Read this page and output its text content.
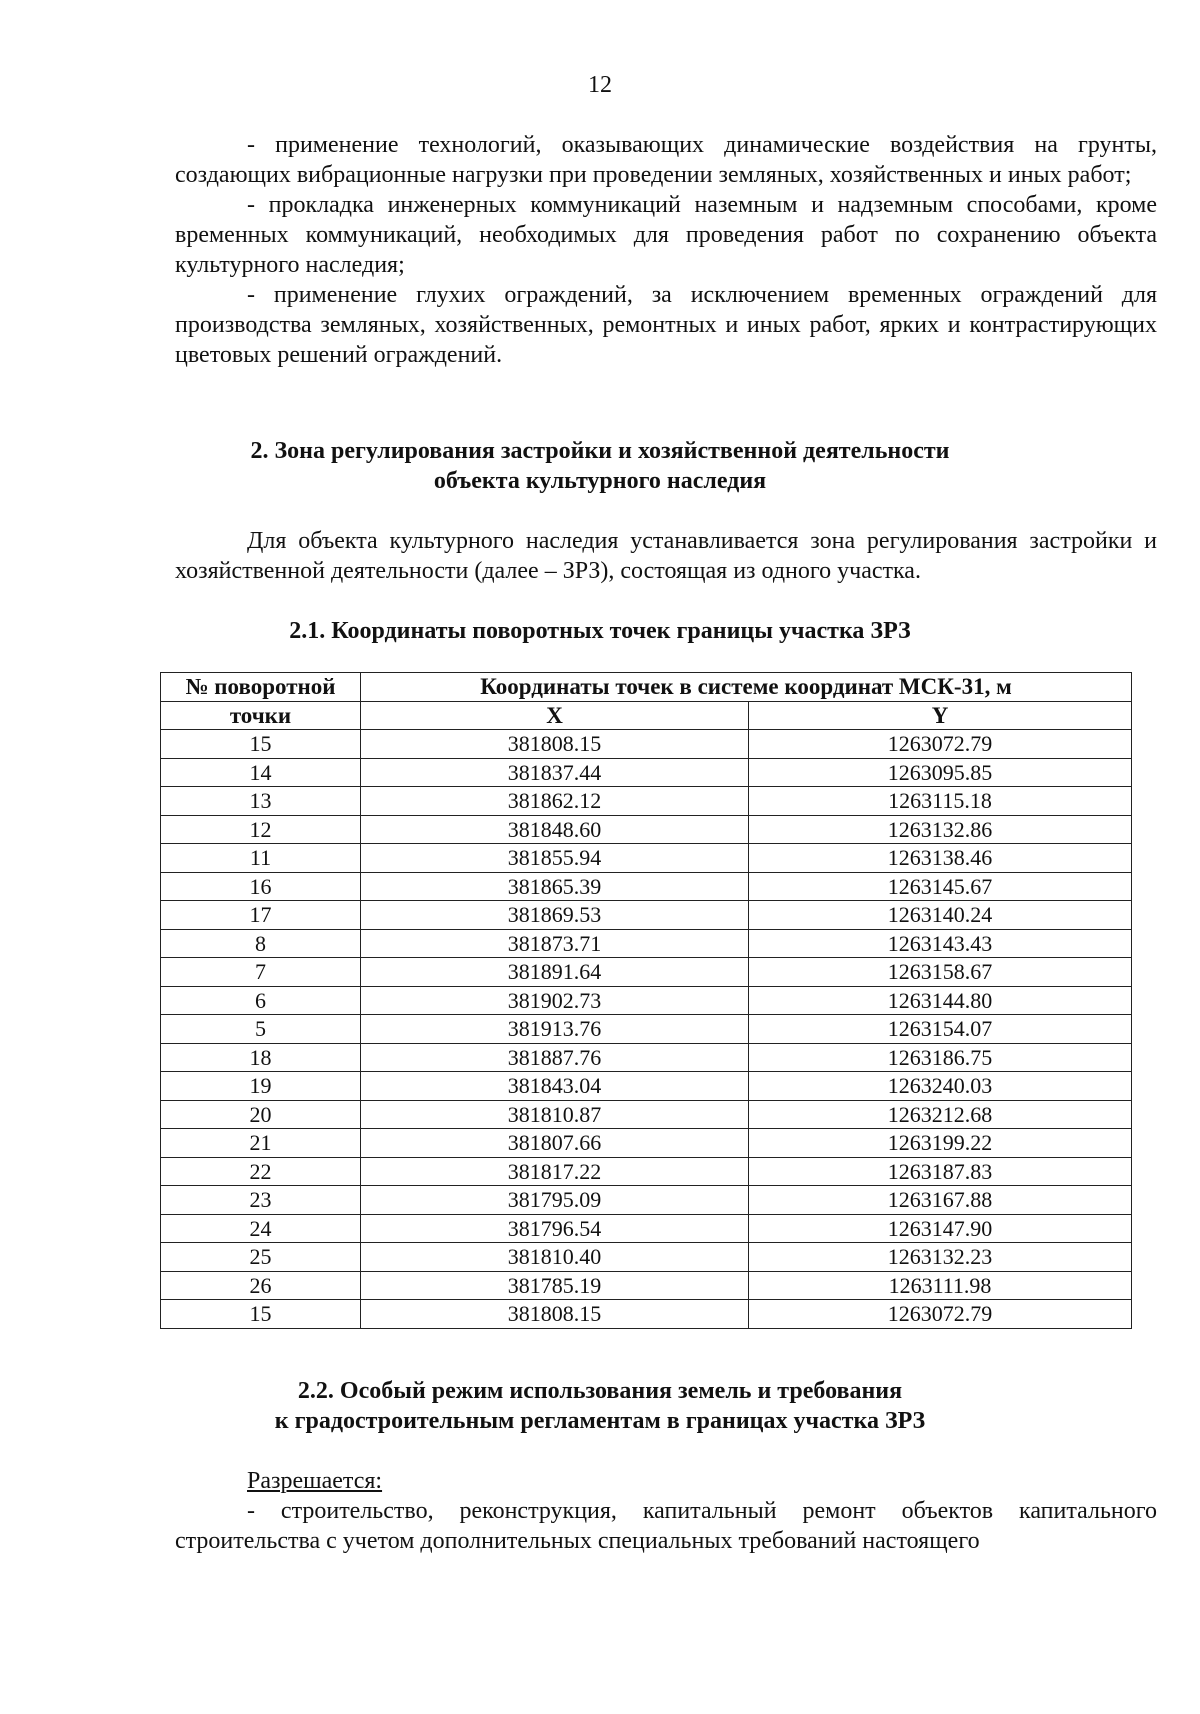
12

- применение технологий, оказывающих динамические воздействия на грунты, создающих вибрационные нагрузки при проведении земляных, хозяйственных и иных работ;

- прокладка инженерных коммуникаций наземным и надземным способами, кроме временных коммуникаций, необходимых для проведения работ по сохранению объекта культурного наследия;

- применение глухих ограждений, за исключением временных ограждений для производства земляных, хозяйственных, ремонтных и иных работ, ярких и контрастирующих цветовых решений ограждений.

2. Зона регулирования застройки и хозяйственной деятельности
объекта культурного наследия

Для объекта культурного наследия устанавливается зона регулирования застройки и хозяйственной деятельности (далее – ЗРЗ), состоящая из одного участка.

2.1. Координаты поворотных точек границы участка ЗРЗ
№ поворотной	Координаты точек в системе координат МСК-31, м	
точки	X	Y
15	381808.15	1263072.79
14	381837.44	1263095.85
13	381862.12	1263115.18
12	381848.60	1263132.86
11	381855.94	1263138.46
16	381865.39	1263145.67
17	381869.53	1263140.24
8	381873.71	1263143.43
7	381891.64	1263158.67
6	381902.73	1263144.80
5	381913.76	1263154.07
18	381887.76	1263186.75
19	381843.04	1263240.03
20	381810.87	1263212.68
21	381807.66	1263199.22
22	381817.22	1263187.83
23	381795.09	1263167.88
24	381796.54	1263147.90
25	381810.40	1263132.23
26	381785.19	1263111.98
15	381808.15	1263072.79
2.2. Особый режим использования земель и требования
к градостроительным регламентам в границах участка ЗРЗ

Разрешается:

- строительство, реконструкция, капитальный ремонт объектов капитального строительства с учетом дополнительных специальных требований настоящего
